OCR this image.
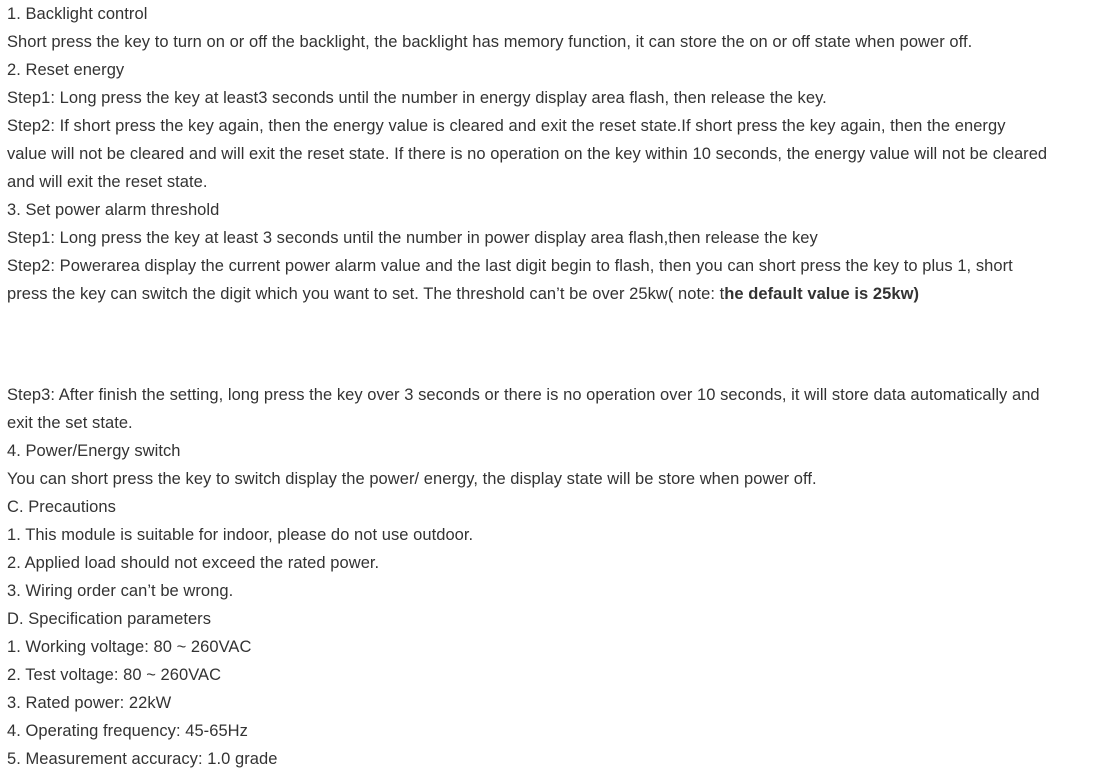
1. Backlight control
Short press the key to turn on or off the backlight, the backlight has memory function, it can store the on or off state when power off.
2. Reset energy
Step1: Long press the key at least3 seconds until the number in energy display area flash, then release the key.
Step2: If short press the key again, then the energy value is cleared and exit the reset state.If short press the key again, then the energy
value will not be cleared and will exit the reset state. If there is no operation on the key within 10 seconds, the energy value will not be cleared
and will exit the reset state.
3. Set power alarm threshold
Step1: Long press the key at least 3 seconds until the number in power display area flash,then release the key
Step2: Powerarea display the current power alarm value and the last digit begin to flash, then you can short press the key to plus 1, short
press the key can switch the digit which you want to set. The threshold can’t be over 25kw( note: the default value is 25kw)
Step3: After finish the setting, long press the key over 3 seconds or there is no operation over 10 seconds, it will store data automatically and
exit the set state.
4. Power/Energy switch
You can short press the key to switch display the power/ energy, the display state will be store when power off.
C. Precautions
1. This module is suitable for indoor, please do not use outdoor.
2. Applied load should not exceed the rated power.
3. Wiring order can’t be wrong.
D. Specification parameters
1. Working voltage: 80 ~ 260VAC
2. Test voltage: 80 ~ 260VAC
3. Rated power: 22kW
4. Operating frequency: 45-65Hz
5. Measurement accuracy: 1.0 grade
